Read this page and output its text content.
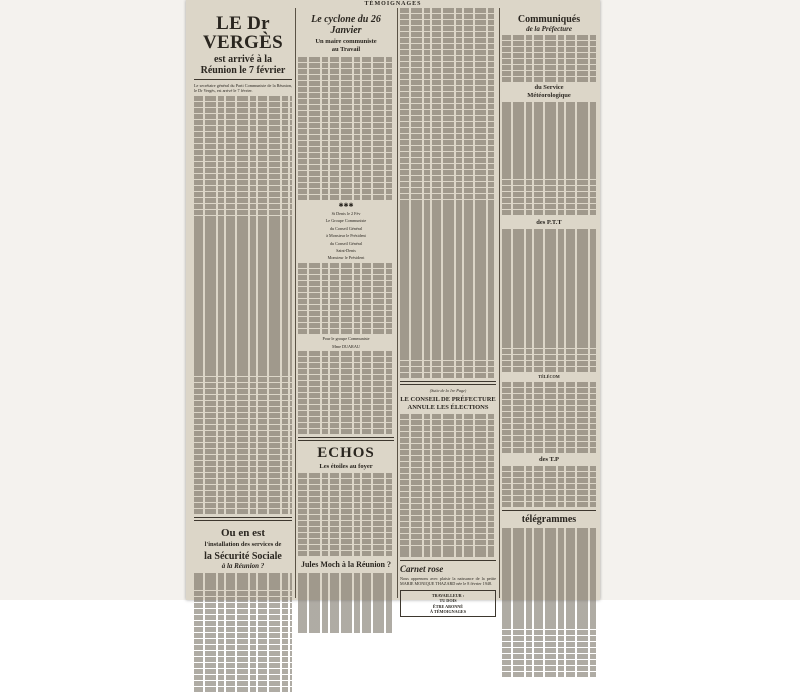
TÉMOIGNAGES
LE Dr VERGÈS
est arrivé à la
Réunion le 7 février
Le secrétaire général du Parti Communiste de la Réunion, le Dr Vergès, est arrivé le 7 février.
Ou en est
l'installation des services de
la Sécurité Sociale
à la Réunion ?
Le cyclone du 26 Janvier
Un maire communiste
au Travail
✱✱✱
St Denis le 2 Fév
Le Groupe Communiste
du Conseil Général
à Monsieur le Président
du Conseil Général
Saint-Denis
Monsieur le Président
Pour le groupe Communiste
Mme DUARAU
ECHOS
Les étoiles au foyer
Jules Moch à la Réunion ?
(Suite de la 1re Page)
LE CONSEIL DE PRÉFECTURE
ANNULE LES ÉLECTIONS
Carnet rose
Nous apprenons avec plaisir la naissance de la petite MARIE MONIQUE THAZARD née le 8 février 1948.
TRAVAILLEUR :
TU DOIS
ÊTRE ABONNÉ
À TÉMOIGNAGES
Communiqués
de la Préfecture
du Service
Météorologique
des P.T.T
TÉLÉCOM
des T.P
télégrammes
